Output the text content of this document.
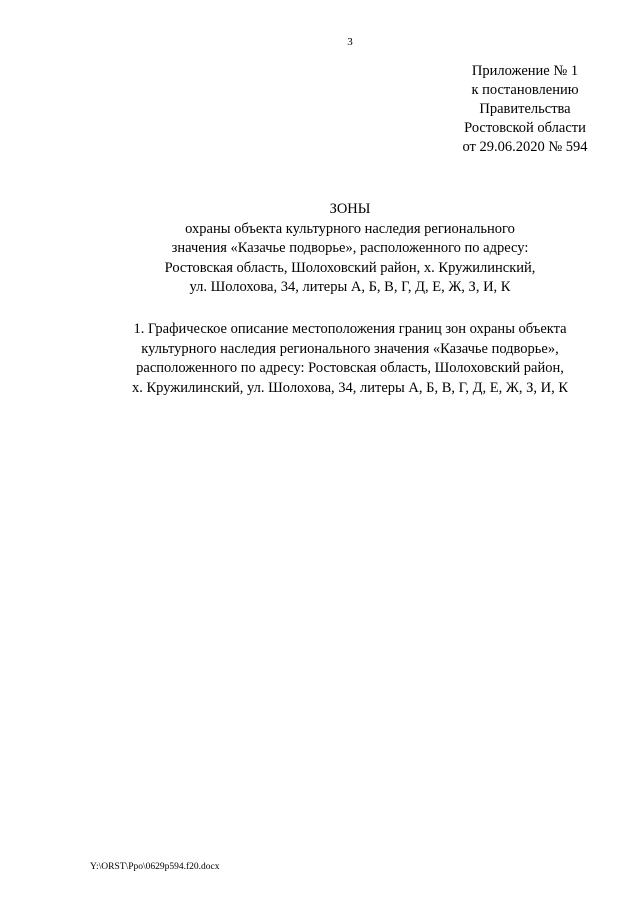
3
Приложение № 1
к постановлению
Правительства
Ростовской области
от 29.06.2020 № 594
ЗОНЫ
охраны объекта культурного наследия регионального
значения «Казачье подворье», расположенного по адресу:
Ростовская область, Шолоховский район, х. Кружилинский,
ул. Шолохова, 34, литеры А, Б, В, Г, Д, Е, Ж, З, И, К
1. Графическое описание местоположения границ зон охраны объекта
культурного наследия регионального значения «Казачье подворье»,
расположенного по адресу: Ростовская область, Шолоховский район,
х. Кружилинский, ул. Шолохова, 34, литеры А, Б, В, Г, Д, Е, Ж, З, И, К
Y:\ORST\Ppo\0629p594.f20.docx
